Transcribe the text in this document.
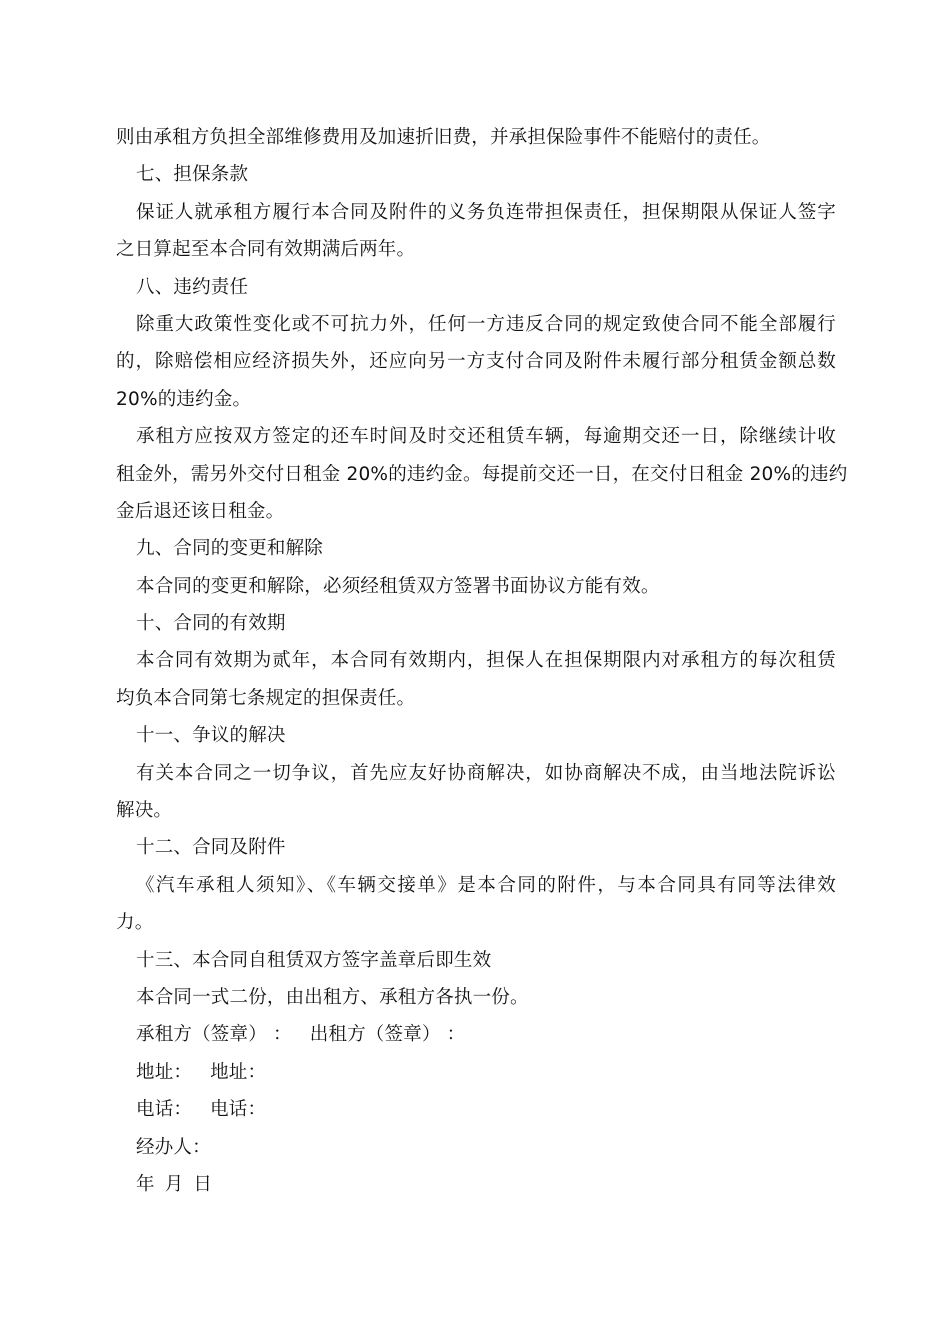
则由承租方负担全部维修费用及加速折旧费，并承担保险事件不能赔付的责任。
七、担保条款
保证人就承租方履行本合同及附件的义务负连带担保责任，担保期限从保证人签字
之日算起至本合同有效期满后两年。
八、违约责任
除重大政策性变化或不可抗力外，任何一方违反合同的规定致使合同不能全部履行
的，除赔偿相应经济损失外，还应向另一方支付合同及附件未履行部分租赁金额总数
20%的违约金。
承租方应按双方签定的还车时间及时交还租赁车辆，每逾期交还一日，除继续计收
租金外，需另外交付日租金 20%的违约金。每提前交还一日，在交付日租金 20%的违约
金后退还该日租金。
九、合同的变更和解除
本合同的变更和解除，必须经租赁双方签署书面协议方能有效。
十、合同的有效期
本合同有效期为贰年，本合同有效期内，担保人在担保期限内对承租方的每次租赁
均负本合同第七条规定的担保责任。
十一、争议的解决
有关本合同之一切争议，首先应友好协商解决，如协商解决不成，由当地法院诉讼
解决。
十二、合同及附件
《汽车承租人须知》、《车辆交接单》是本合同的附件，与本合同具有同等法律效
力。
十三、本合同自租赁双方签字盖章后即生效
本合同一式二份，由出租方、承租方各执一份。
承租方（签章） ： 出租方（签章） ：
地址： 地址：
电话： 电话：
经办人：
年 月 日
